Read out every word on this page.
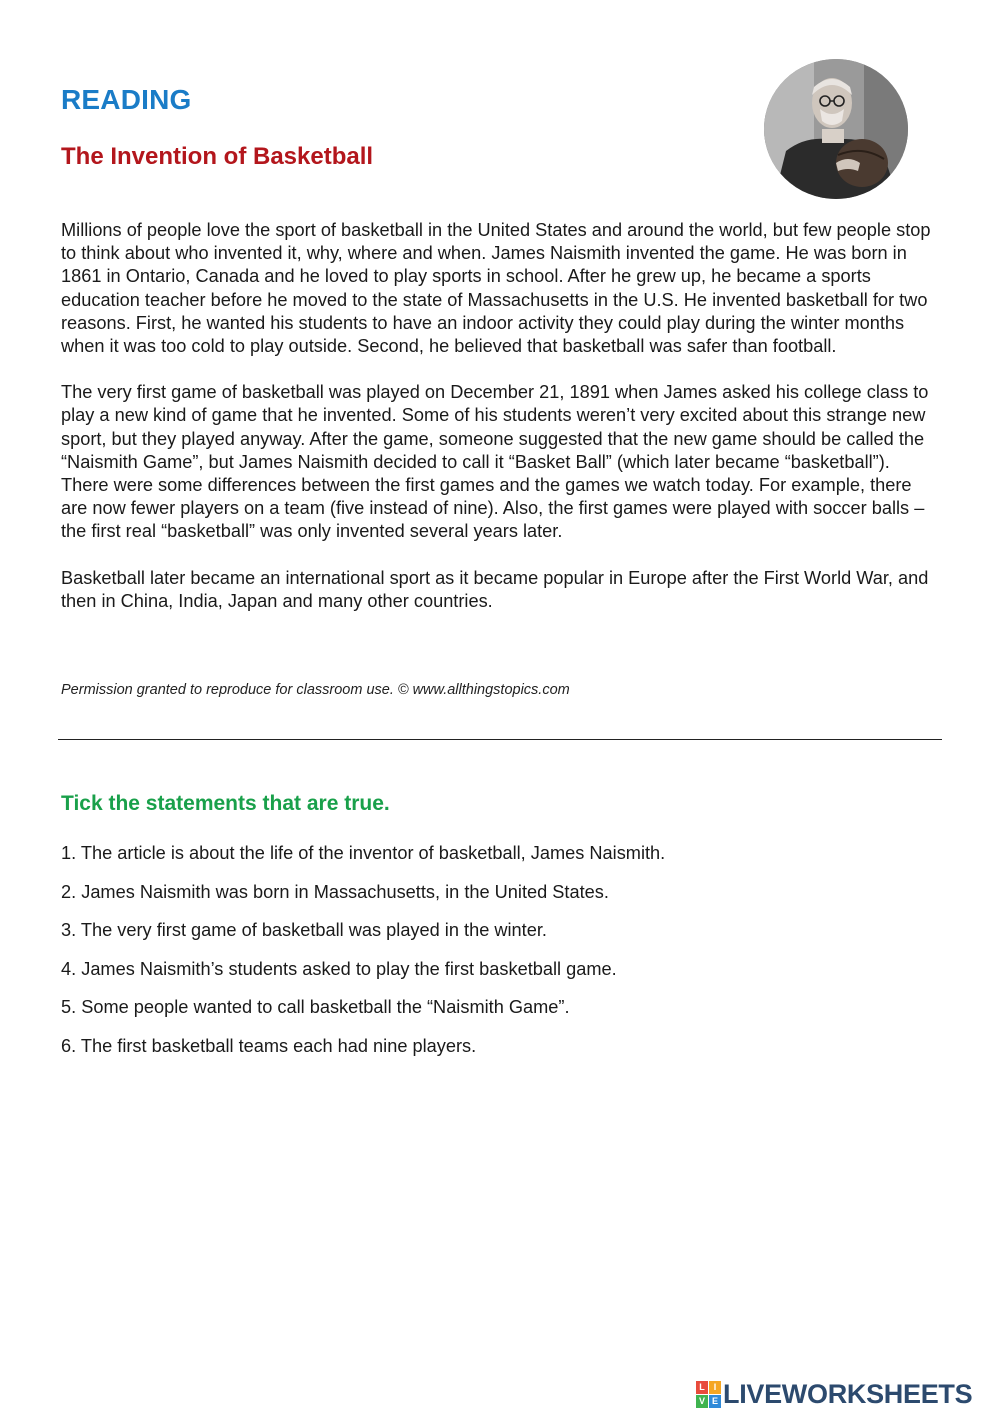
READING
The Invention of Basketball

Millions of people love the sport of basketball in the United States and around the world, but few people stop to think about who invented it, why, where and when. James Naismith invented the game. He was born in 1861 in Ontario, Canada and he loved to play sports in school. After he grew up, he became a sports education teacher before he moved to the state of Massachusetts in the U.S. He invented basketball for two reasons. First, he wanted his students to have an indoor activity they could play during the winter months when it was too cold to play outside. Second, he believed that basketball was safer than football.

The very first game of basketball was played on December 21, 1891 when James asked his college class to play a new kind of game that he invented. Some of his students weren’t very excited about this strange new sport, but they played anyway. After the game, someone suggested that the new game should be called the “Naismith Game”, but James Naismith decided to call it “Basket Ball” (which later became “basketball”). There were some differences between the first games and the games we watch today. For example, there are now fewer players on a team (five instead of nine). Also, the first games were played with soccer balls – the first real “basketball” was only invented several years later.

Basketball later became an international sport as it became popular in Europe after the First World War, and then in China, India, Japan and many other countries.

Permission granted to reproduce for classroom use. © www.allthingstopics.com

Tick the statements that are true.
1. The article is about the life of the inventor of basketball, James Naismith.
2. James Naismith was born in Massachusetts, in the United States.
3. The very first game of basketball was played in the winter.
4. James Naismith’s students asked to play the first basketball game.
5. Some people wanted to call basketball the “Naismith Game”.
6. The first basketball teams each had nine players.
L I
V E LIVEWORKSHEETS
